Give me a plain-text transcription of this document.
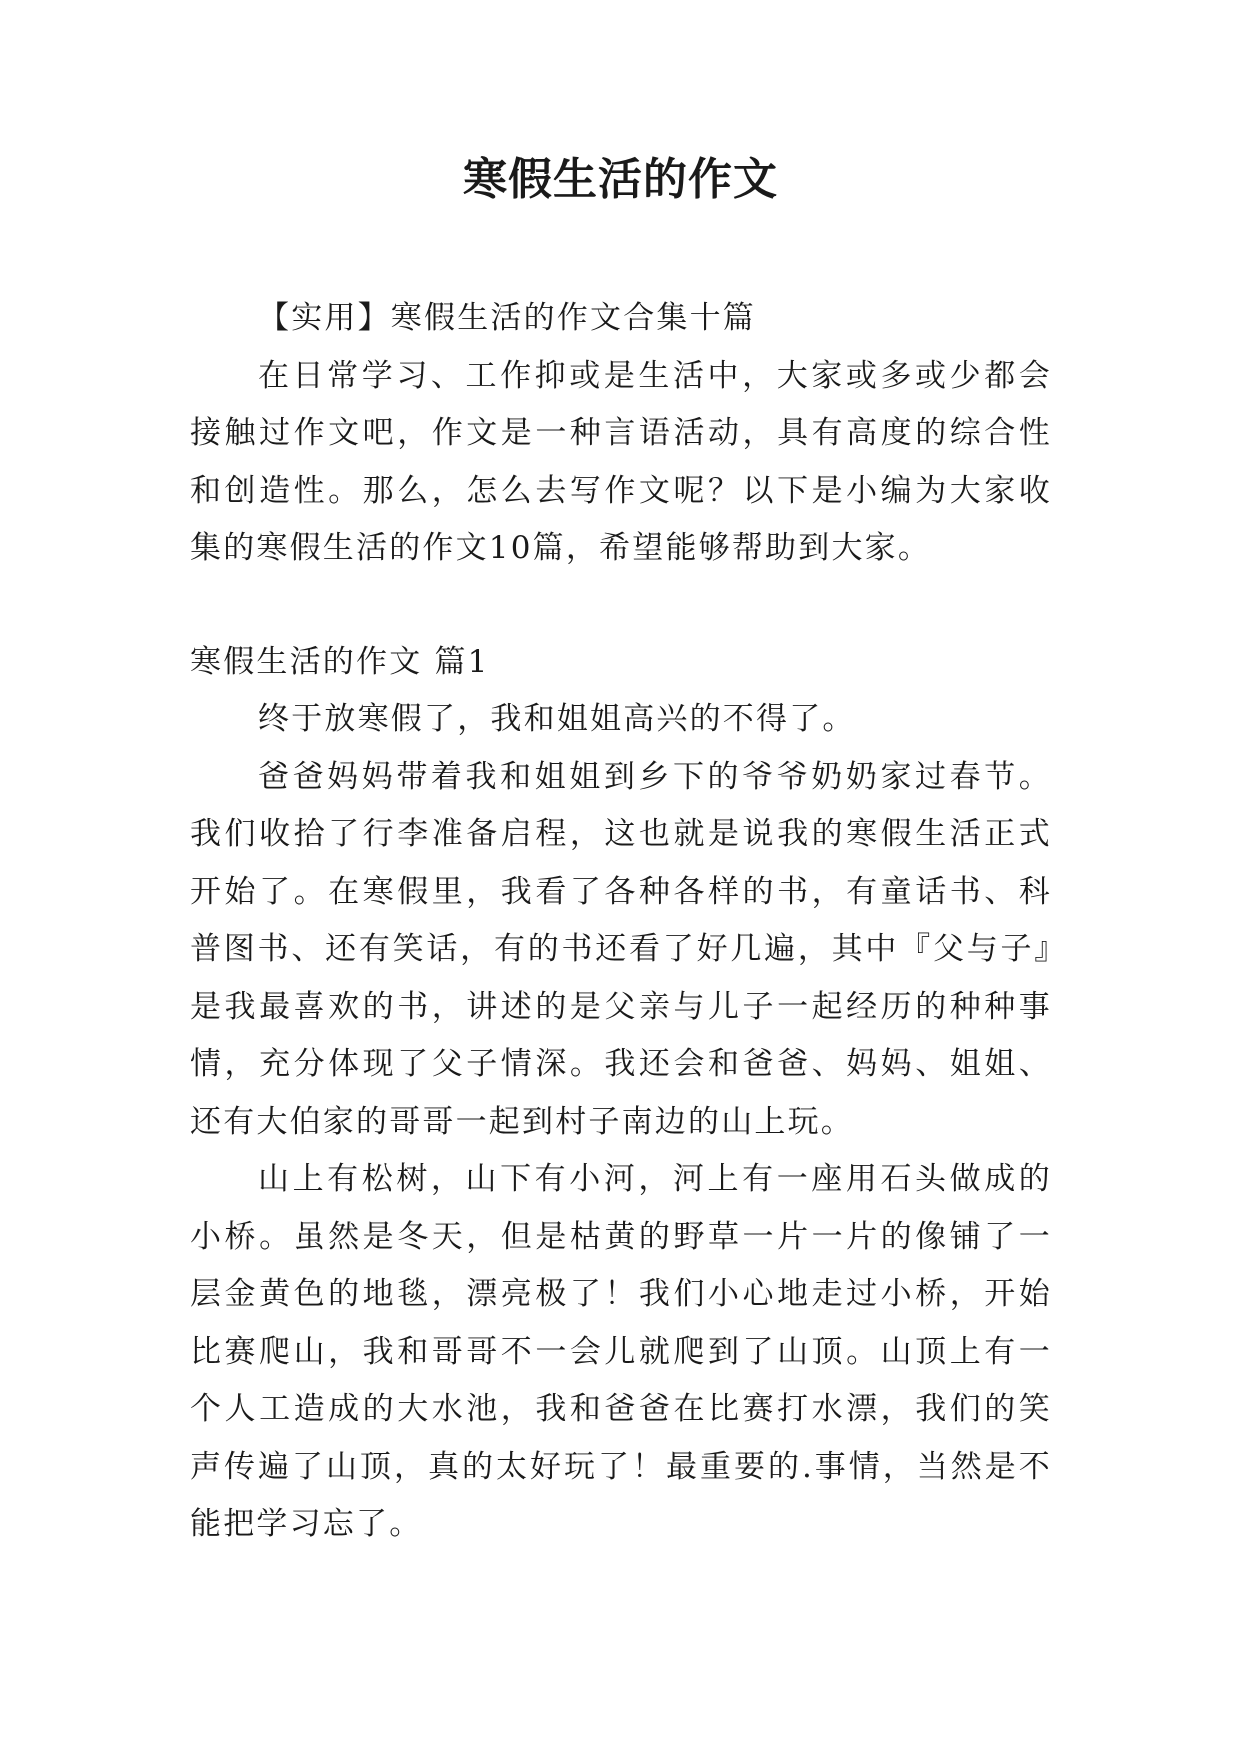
寒假生活的作文

【实用】寒假生活的作文合集十篇

在日常学习、工作抑或是生活中，大家或多或少都会接触过作文吧，作文是一种言语活动，具有高度的综合性和创造性。那么，怎么去写作文呢？以下是小编为大家收集的寒假生活的作文10篇，希望能够帮助到大家。

寒假生活的作文 篇1

终于放寒假了，我和姐姐高兴的不得了。

爸爸妈妈带着我和姐姐到乡下的爷爷奶奶家过春节。我们收拾了行李准备启程，这也就是说我的寒假生活正式开始了。在寒假里，我看了各种各样的书，有童话书、科普图书、还有笑话，有的书还看了好几遍，其中『父与子』是我最喜欢的书，讲述的是父亲与儿子一起经历的种种事情，充分体现了父子情深。我还会和爸爸、妈妈、姐姐、还有大伯家的哥哥一起到村子南边的山上玩。

山上有松树，山下有小河，河上有一座用石头做成的小桥。虽然是冬天，但是枯黄的野草一片一片的像铺了一层金黄色的地毯，漂亮极了！我们小心地走过小桥，开始比赛爬山，我和哥哥不一会儿就爬到了山顶。山顶上有一个人工造成的大水池，我和爸爸在比赛打水漂，我们的笑声传遍了山顶，真的太好玩了！最重要的.事情，当然是不能把学习忘了。
